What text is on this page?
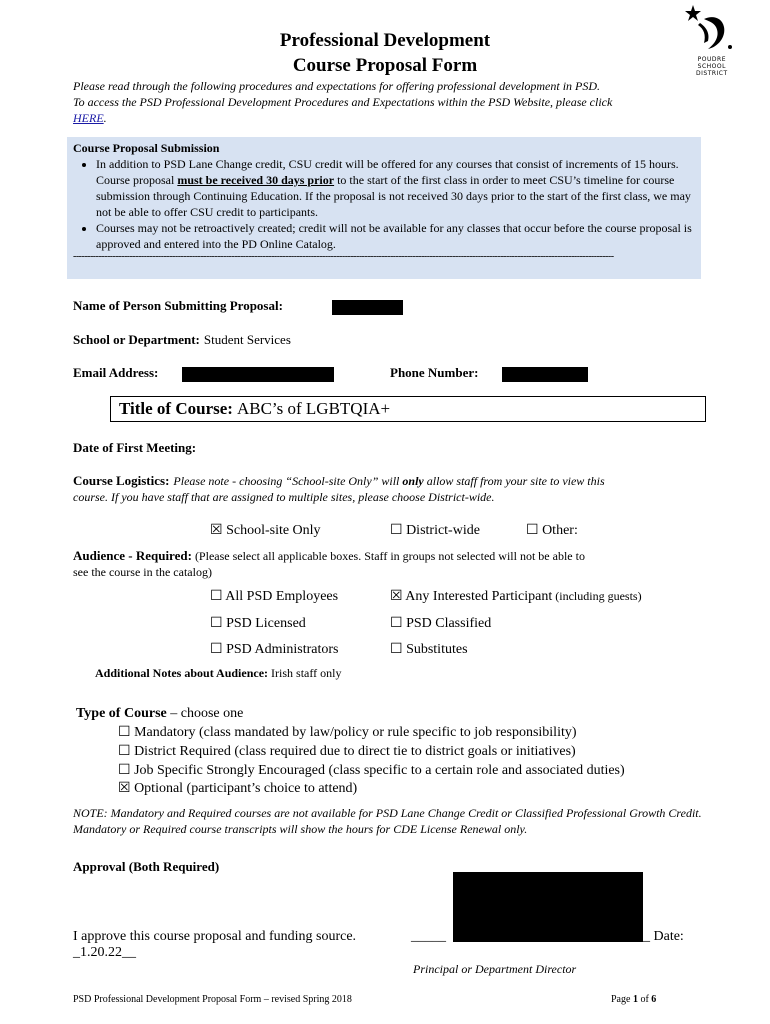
POUDRE
SCHOOL
DISTRICT
Professional Development
Course Proposal Form
Please read through the following procedures and expectations for offering professional development in PSD.
To access the PSD Professional Development Procedures and Expectations within the PSD Website, please click
HERE.
Course Proposal Submission
• In addition to PSD Lane Change credit, CSU credit will be offered for any courses that consist of increments of 15 hours. Course proposal must be received 30 days prior to the start of the first class in order to meet CSU’s timeline for course submission through Continuing Education. If the proposal is not received 30 days prior to the start of the first class, we may not be able to offer CSU credit to participants.
• Courses may not be retroactively created; credit will not be available for any classes that occur before the course proposal is approved and entered into the PD Online Catalog.
-----------------------------------------------------------------------------------------------------------------------------------------------------------------------------------------------
Name of Person Submitting Proposal:
School or Department: Student Services
Email Address:	Phone Number:
Title of Course: ABC’s of LGBTQIA+
Date of First Meeting:
Course Logistics: Please note - choosing “School-site Only” will only allow staff from your site to view this
course. If you have staff that are assigned to multiple sites, please choose District-wide.
☒ School-site Only	☐ District-wide	☐ Other:
Audience - Required: (Please select all applicable boxes. Staff in groups not selected will not be able to
see the course in the catalog)
☐ All PSD Employees	☒ Any Interested Participant (including guests)
☐ PSD Licensed	☐ PSD Classified
☐ PSD Administrators	☐ Substitutes
Additional Notes about Audience: Irish staff only
Type of Course – choose one
☐ Mandatory (class mandated by law/policy or rule specific to job responsibility)
☐ District Required (class required due to direct tie to district goals or initiatives)
☐ Job Specific Strongly Encouraged (class specific to a certain role and associated duties)
☒ Optional (participant’s choice to attend)
NOTE: Mandatory and Required courses are not available for PSD Lane Change Credit or Classified Professional Growth Credit. Mandatory or Required course transcripts will show the hours for CDE License Renewal only.
Approval (Both Required)
I approve this course proposal and funding source.	_____	_ Date:
_1.20.22__
Principal or Department Director
PSD Professional Development Proposal Form – revised Spring 2018	Page 1 of 6
